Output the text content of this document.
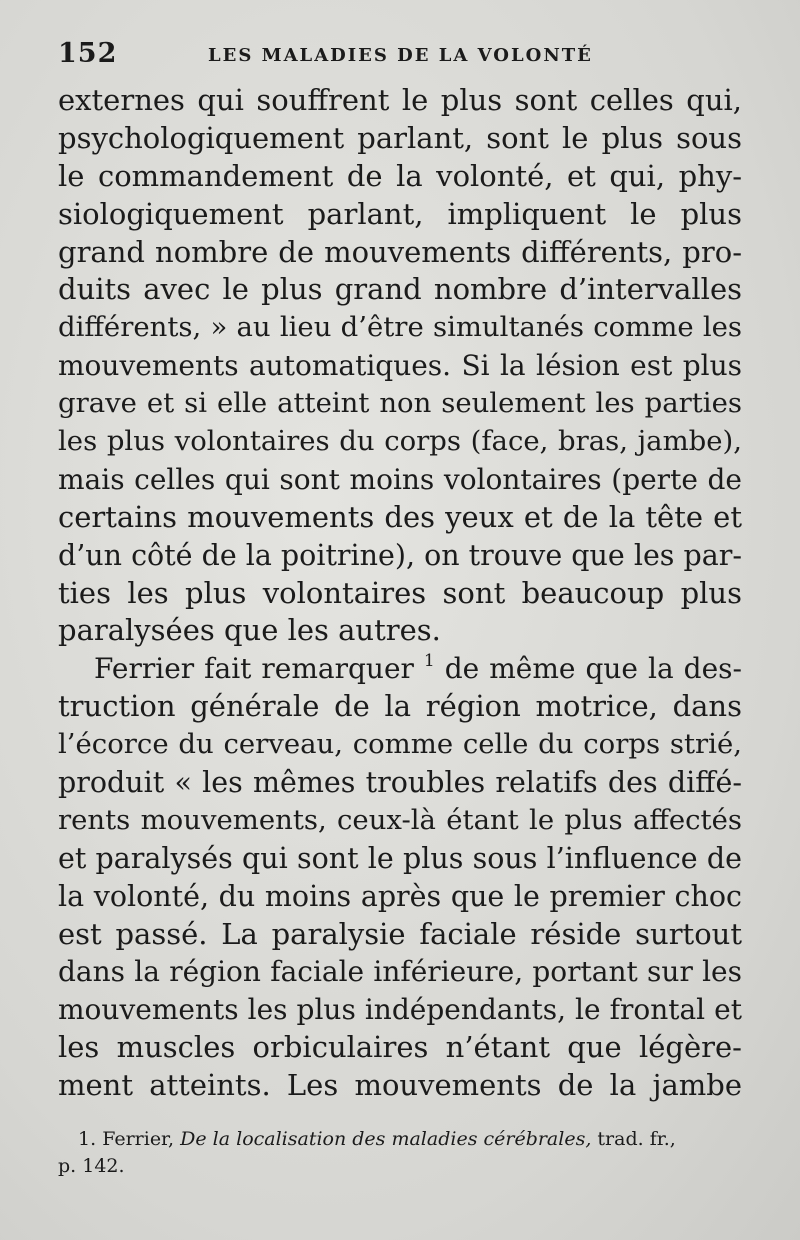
152	LES MALADIES DE LA VOLONTÉ
externes qui souffrent le plus sont celles qui,
psychologiquement parlant, sont le plus sous
le commandement de la volonté, et qui, phy-
siologiquement parlant, impliquent le plus
grand nombre de mouvements différents, pro-
duits avec le plus grand nombre d’intervalles
différents, » au lieu d’être simultanés comme les
mouvements automatiques. Si la lésion est plus
grave et si elle atteint non seulement les parties
les plus volontaires du corps (face, bras, jambe),
mais celles qui sont moins volontaires (perte de
certains mouvements des yeux et de la tête et
d’un côté de la poitrine), on trouve que les par-
ties les plus volontaires sont beaucoup plus
paralysées que les autres.
Ferrier fait remarquer $^1$ de même que la des-
truction générale de la région motrice, dans
l’écorce du cerveau, comme celle du corps strié,
produit « les mêmes troubles relatifs des diffé-
rents mouvements, ceux-là étant le plus affectés
et paralysés qui sont le plus sous l’influence de
la volonté, du moins après que le premier choc
est passé. La paralysie faciale réside surtout
dans la région faciale inférieure, portant sur les
mouvements les plus indépendants, le frontal et
les muscles orbiculaires n’étant que légère-
ment atteints. Les mouvements de la jambe
1. Ferrier, De la localisation des maladies cérébrales, trad. fr.,
p. 142.
